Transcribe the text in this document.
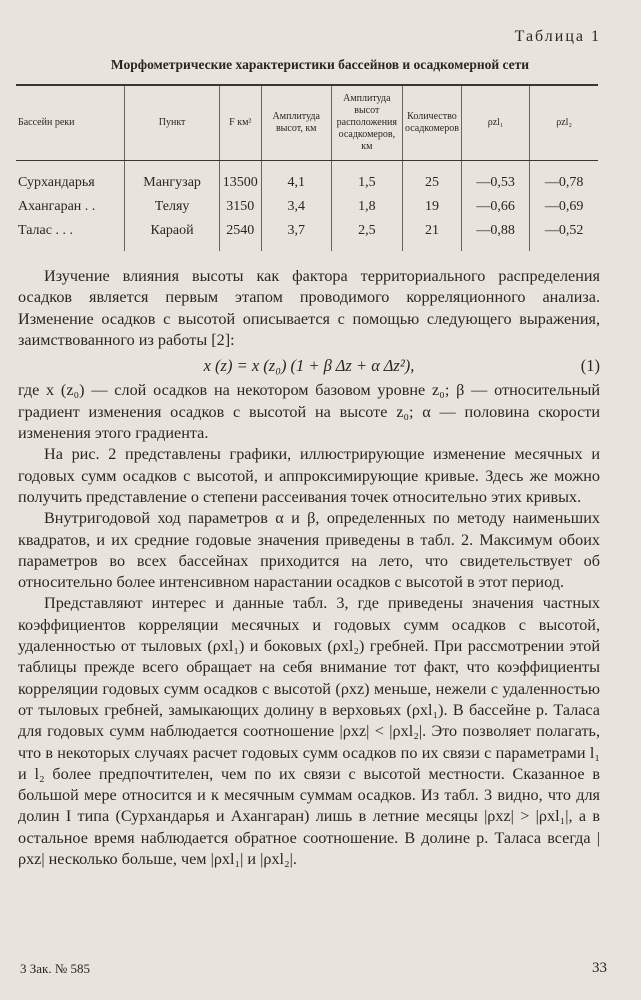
Таблица 1
Морфометрические характеристики бассейнов и осадкомерной сети
Бассейн реки	Пункт	F км²	Амплитуда высот, км	Амплитуда высот расположения осадкомеров, км	Количество осадкомеров	ρzl₁	ρzl₂
Сурхандарья	Мангузар	13500	4,1	1,5	25	—0,53	—0,78
Ахангаран . .	Теляу	3150	3,4	1,8	19	—0,66	—0,69
Талас . . .	Караой	2540	3,7	2,5	21	—0,88	—0,52

Изучение влияния высоты как фактора территориального распределения осадков является первым этапом проводимого корреляционного анализа. Изменение осадков с высотой описывается с помощью следующего выражения, заимствованного из работы [2]:

x (z) = x (z₀) (1 + β Δz + α Δz²),	(1)

где x (z₀) — слой осадков на некотором базовом уровне z₀; β — относительный градиент изменения осадков с высотой на высоте z₀; α — половина скорости изменения этого градиента.

На рис. 2 представлены графики, иллюстрирующие изменение месячных и годовых сумм осадков с высотой, и аппроксимирующие кривые. Здесь же можно получить представление о степени рассеивания точек относительно этих кривых.

Внутригодовой ход параметров α и β, определенных по методу наименьших квадратов, и их средние годовые значения приведены в табл. 2. Максимум обоих параметров во всех бассейнах приходится на лето, что свидетельствует об относительно более интенсивном нарастании осадков с высотой в этот период.

Представляют интерес и данные табл. 3, где приведены значения частных коэффициентов корреляции месячных и годовых сумм осадков с высотой, удаленностью от тыловых (ρxl₁) и боковых (ρxl₂) гребней. При рассмотрении этой таблицы прежде всего обращает на себя внимание тот факт, что коэффициенты корреляции годовых сумм осадков с высотой (ρxz) меньше, нежели с удаленностью от тыловых гребней, замыкающих долину в верховьях (ρxl₁). В бассейне р. Таласа для годовых сумм наблюдается соотношение |ρxz| < |ρxl₂|. Это позволяет полагать, что в некоторых случаях расчет годовых сумм осадков по их связи с параметрами l₁ и l₂ более предпочтителен, чем по их связи с высотой местности. Сказанное в большой мере относится и к месячным суммам осадков. Из табл. 3 видно, что для долин I типа (Сурхандарья и Ахангаран) лишь в летние месяцы |ρxz| > |ρxl₁|, а в остальное время наблюдается обратное соотношение. В долине р. Таласа всегда |ρxz| несколько больше, чем |ρxl₁| и |ρxl₂|.

3 Зак. № 585	33
